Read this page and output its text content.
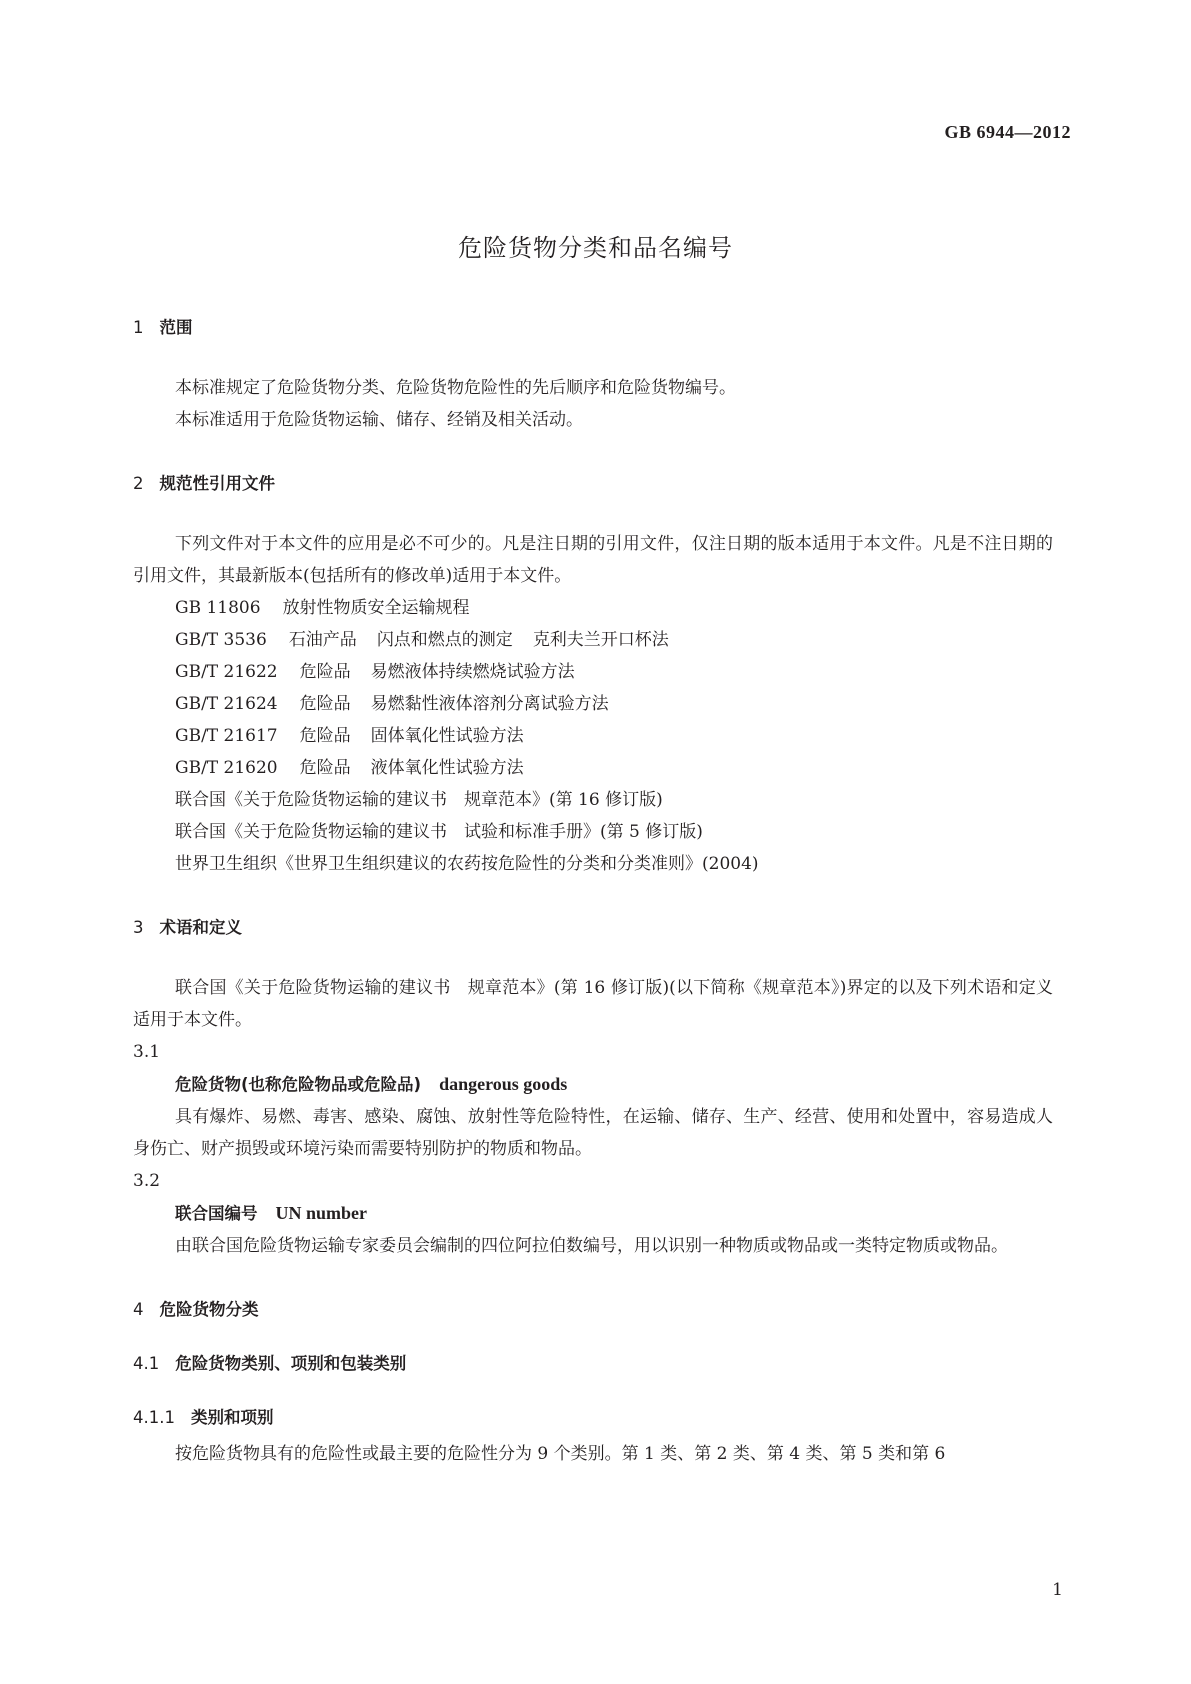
GB 6944—2012
危险货物分类和品名编号

1 范围

本标准规定了危险货物分类、危险货物危险性的先后顺序和危险货物编号。

本标准适用于危险货物运输、储存、经销及相关活动。

2 规范性引用文件

下列文件对于本文件的应用是必不可少的。凡是注日期的引用文件，仅注日期的版本适用于本文件。凡是不注日期的引用文件，其最新版本(包括所有的修改单)适用于本文件。

GB 11806 放射性物质安全运输规程

GB/T 3536 石油产品 闪点和燃点的测定 克利夫兰开口杯法

GB/T 21622 危险品 易燃液体持续燃烧试验方法

GB/T 21624 危险品 易燃黏性液体溶剂分离试验方法

GB/T 21617 危险品 固体氧化性试验方法

GB/T 21620 危险品 液体氧化性试验方法

联合国《关于危险货物运输的建议书　规章范本》(第 16 修订版)

联合国《关于危险货物运输的建议书　试验和标准手册》(第 5 修订版)

世界卫生组织《世界卫生组织建议的农药按危险性的分类和分类准则》(2004)

3 术语和定义

联合国《关于危险货物运输的建议书　规章范本》(第 16 修订版)(以下简称《规章范本》)界定的以及下列术语和定义适用于本文件。

3.1

危险货物(也称危险物品或危险品) dangerous goods

具有爆炸、易燃、毒害、感染、腐蚀、放射性等危险特性，在运输、储存、生产、经营、使用和处置中，容易造成人身伤亡、财产损毁或环境污染而需要特别防护的物质和物品。

3.2

联合国编号 UN number

由联合国危险货物运输专家委员会编制的四位阿拉伯数编号，用以识别一种物质或物品或一类特定物质或物品。

4 危险货物分类

4.1 危险货物类别、项别和包装类别

4.1.1 类别和项别

按危险货物具有的危险性或最主要的危险性分为 9 个类别。第 1 类、第 2 类、第 4 类、第 5 类和第 6

1
